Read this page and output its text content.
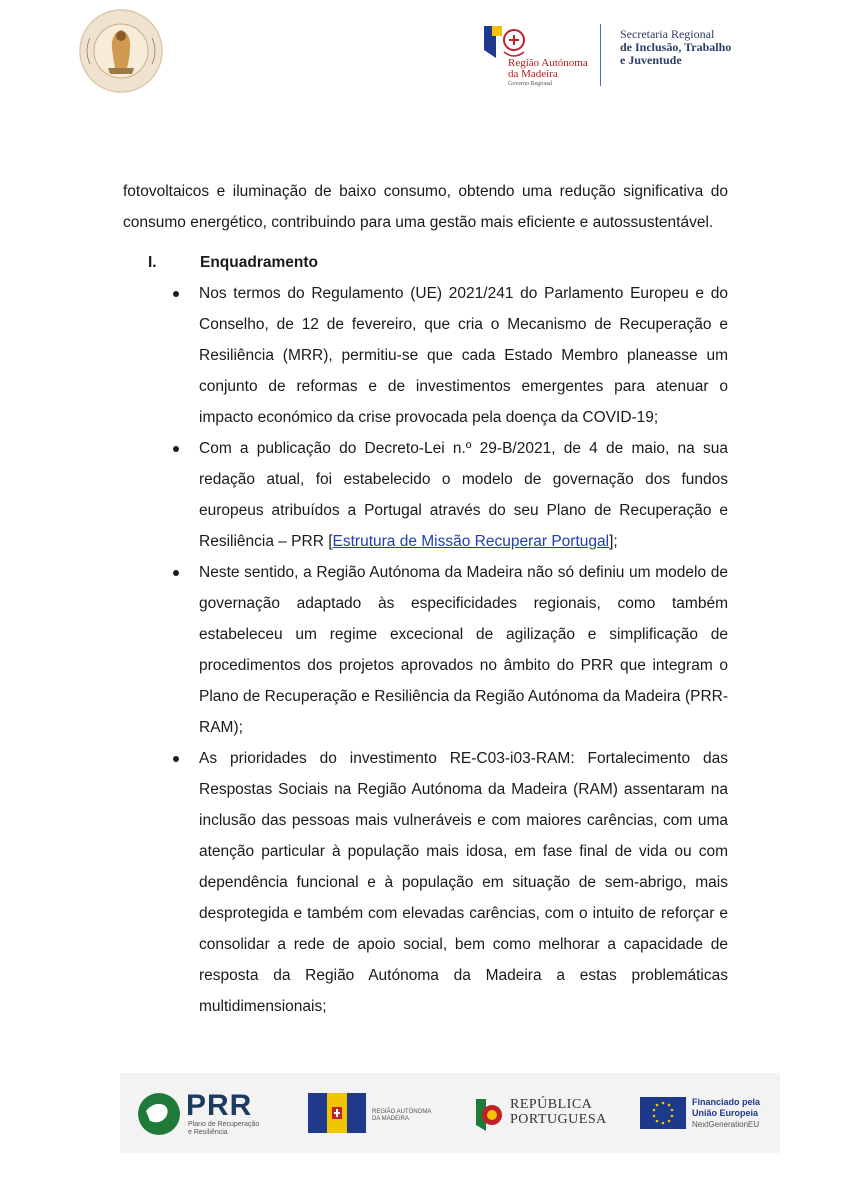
Região Autónoma
da Madeira
Governo Regional
Secretaria Regional
de Inclusão, Trabalho
e Juventude

fotovoltaicos e iluminação de baixo consumo, obtendo uma redução significativa do consumo energético, contribuindo para uma gestão mais eficiente e autossustentável.

I.	Enquadramento
Nos termos do Regulamento (UE) 2021/241 do Parlamento Europeu e do Conselho, de 12 de fevereiro, que cria o Mecanismo de Recuperação e Resiliência (MRR), permitiu-se que cada Estado Membro planeasse um conjunto de reformas e de investimentos emergentes para atenuar o impacto económico da crise provocada pela doença da COVID-19;
Com a publicação do Decreto-Lei n.º 29-B/2021, de 4 de maio, na sua redação atual, foi estabelecido o modelo de governação dos fundos europeus atribuídos a Portugal através do seu Plano de Recuperação e Resiliência – PRR [Estrutura de Missão Recuperar Portugal];
Neste sentido, a Região Autónoma da Madeira não só definiu um modelo de governação adaptado às especificidades regionais, como também estabeleceu um regime excecional de agilização e simplificação de procedimentos dos projetos aprovados no âmbito do PRR que integram o Plano de Recuperação e Resiliência da Região Autónoma da Madeira (PRR-RAM);
As prioridades do investimento RE-C03-i03-RAM: Fortalecimento das Respostas Sociais na Região Autónoma da Madeira (RAM) assentaram na inclusão das pessoas mais vulneráveis e com maiores carências, com uma atenção particular à população mais idosa, em fase final de vida ou com dependência funcional e à população em situação de sem-abrigo, mais desprotegida e também com elevadas carências, com o intuito de reforçar e consolidar a rede de apoio social, bem como melhorar a capacidade de resposta da Região Autónoma da Madeira a estas problemáticas multidimensionais;
PRR
Plano de Recuperação
e Resiliência
REGIÃO AUTÓNOMA
DA MADEIRA
REPÚBLICA
PORTUGUESA
Financiado pela
União Europeia
NextGenerationEU
